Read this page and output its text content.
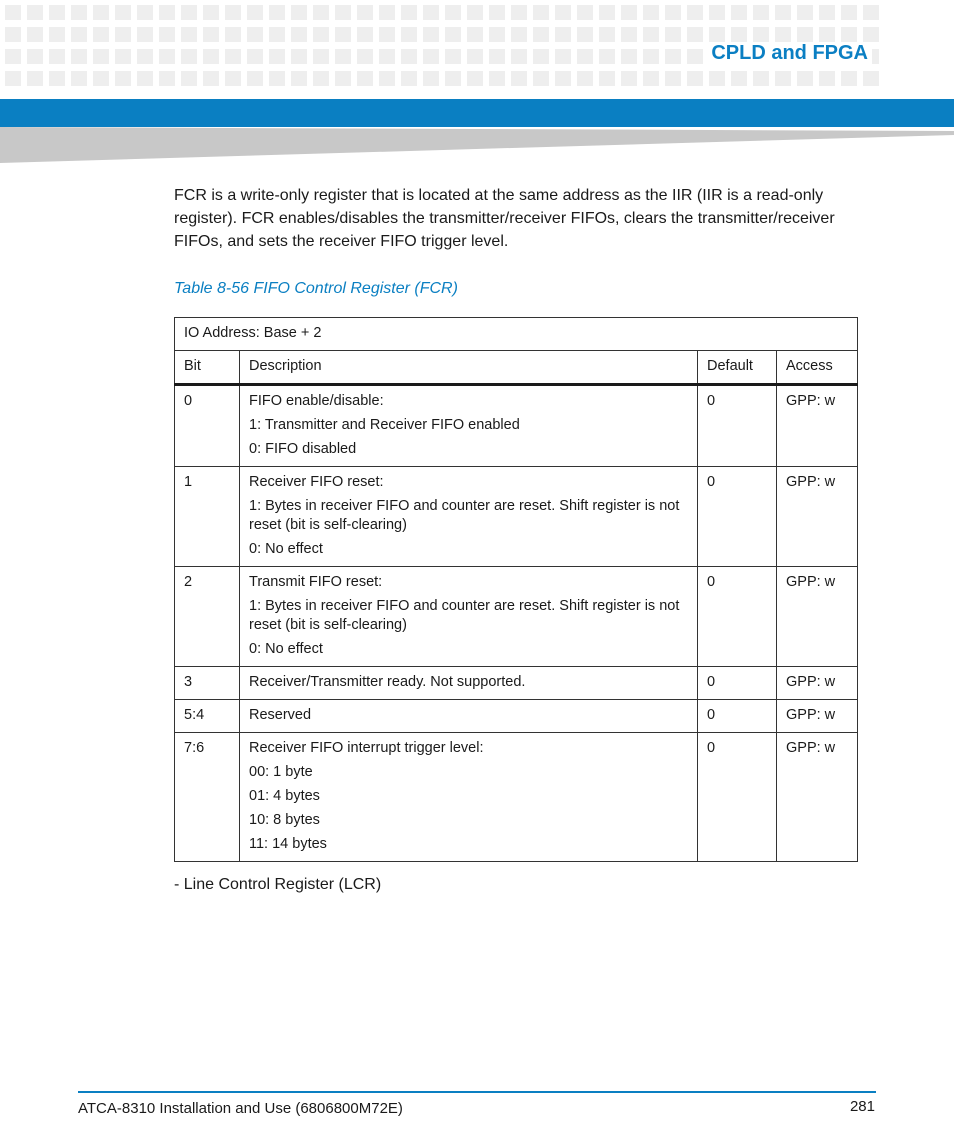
CPLD and FPGA

FCR is a write-only register that is located at the same address as the IIR (IIR is a read-only register). FCR enables/disables the transmitter/receiver FIFOs, clears the transmitter/receiver FIFOs, and sets the receiver FIFO trigger level.

Table 8-56 FIFO Control Register (FCR)
IO Address: Base + 2			
Bit	Description	Default	Access
0	FIFO enable/disable:
1: Transmitter and Receiver FIFO enabled
0: FIFO disabled	0	GPP: w
1	Receiver FIFO reset:
1: Bytes in receiver FIFO and counter are reset. Shift register is not reset (bit is self-clearing)
0: No effect	0	GPP: w
2	Transmit FIFO reset:
1: Bytes in receiver FIFO and counter are reset. Shift register is not reset (bit is self-clearing)
0: No effect	0	GPP: w
3	Receiver/Transmitter ready. Not supported.	0	GPP: w
5:4	Reserved	0	GPP: w
7:6	Receiver FIFO interrupt trigger level:
00: 1 byte
01: 4 bytes
10: 8 bytes
11: 14 bytes	0	GPP: w
- Line Control Register (LCR)
ATCA-8310 Installation and Use (6806800M72E)	281
